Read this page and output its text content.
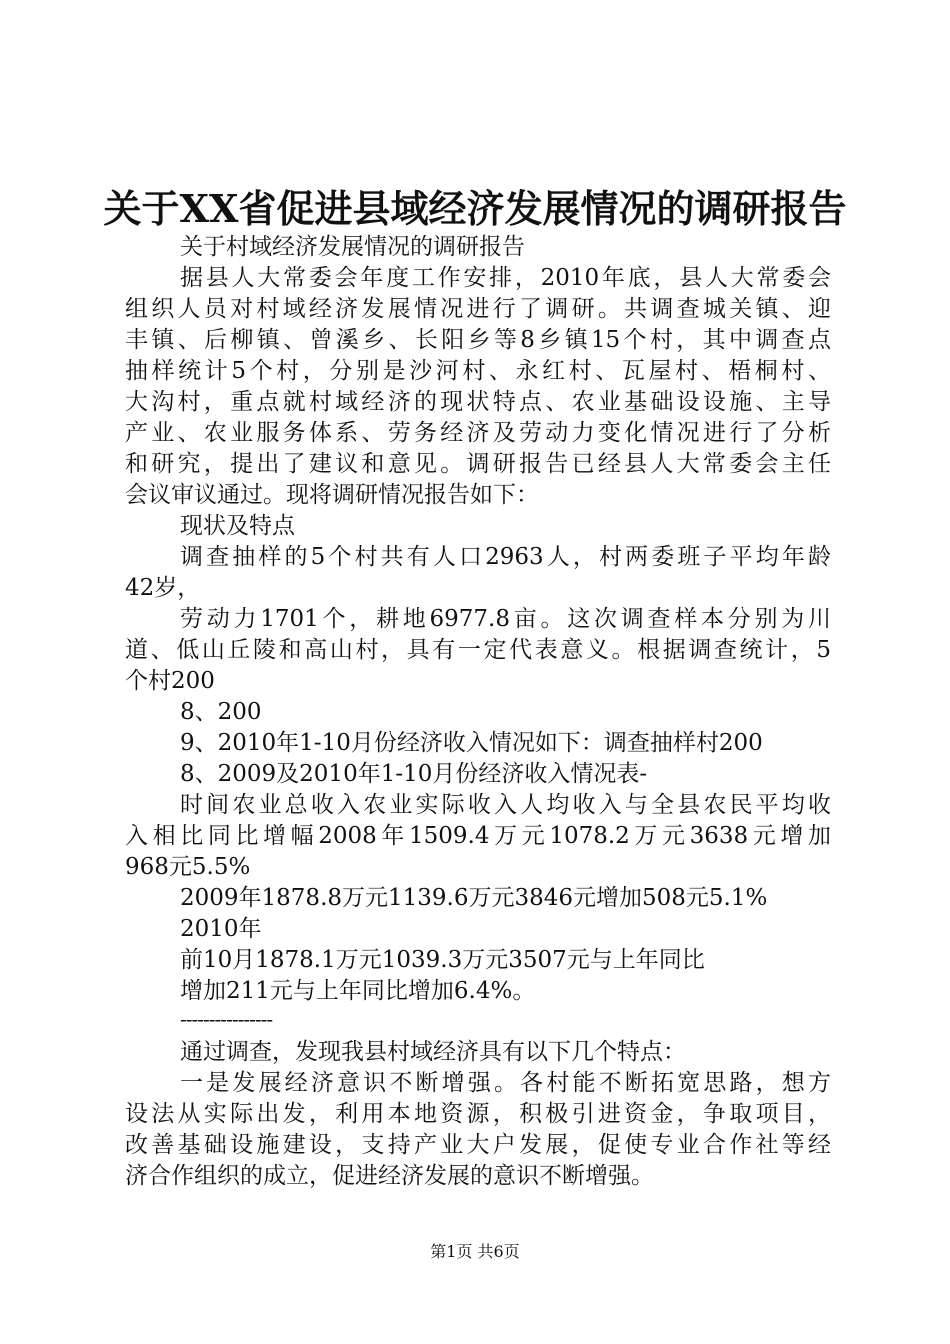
关于XX省促进县域经济发展情况的调研报告
关于村域经济发展情况的调研报告
据县人大常委会年度工作安排，2010年底，县人大常委会
组织人员对村域经济发展情况进行了调研。共调查城关镇、迎
丰镇、后柳镇、曾溪乡、长阳乡等8乡镇15个村，其中调查点
抽样统计5个村，分别是沙河村、永红村、瓦屋村、梧桐村、
大沟村，重点就村域经济的现状特点、农业基础设设施、主导
产业、农业服务体系、劳务经济及劳动力变化情况进行了分析
和研究，提出了建议和意见。调研报告已经县人大常委会主任
会议审议通过。现将调研情况报告如下：
现状及特点
调查抽样的5个村共有人口2963人，村两委班子平均年龄
42岁，
劳动力1701个，耕地6977.8亩。这次调查样本分别为川
道、低山丘陵和高山村，具有一定代表意义。根据调查统计，5
个村200
8、200
9、2010年1-10月份经济收入情况如下：调查抽样村200
8、2009及2010年1-10月份经济收入情况表-
时间农业总收入农业实际收入人均收入与全县农民平均收
入相比同比增幅2008年1509.4万元1078.2万元3638元增加
968元5.5%
2009年1878.8万元1139.6万元3846元增加508元5.1%
2010年
前10月1878.1万元1039.3万元3507元与上年同比
增加211元与上年同比增加6.4%。
----------------
通过调查，发现我县村域经济具有以下几个特点：
一是发展经济意识不断增强。各村能不断拓宽思路，想方
设法从实际出发，利用本地资源，积极引进资金，争取项目，
改善基础设施建设，支持产业大户发展，促使专业合作社等经
济合作组织的成立，促进经济发展的意识不断增强。
第1页 共6页
